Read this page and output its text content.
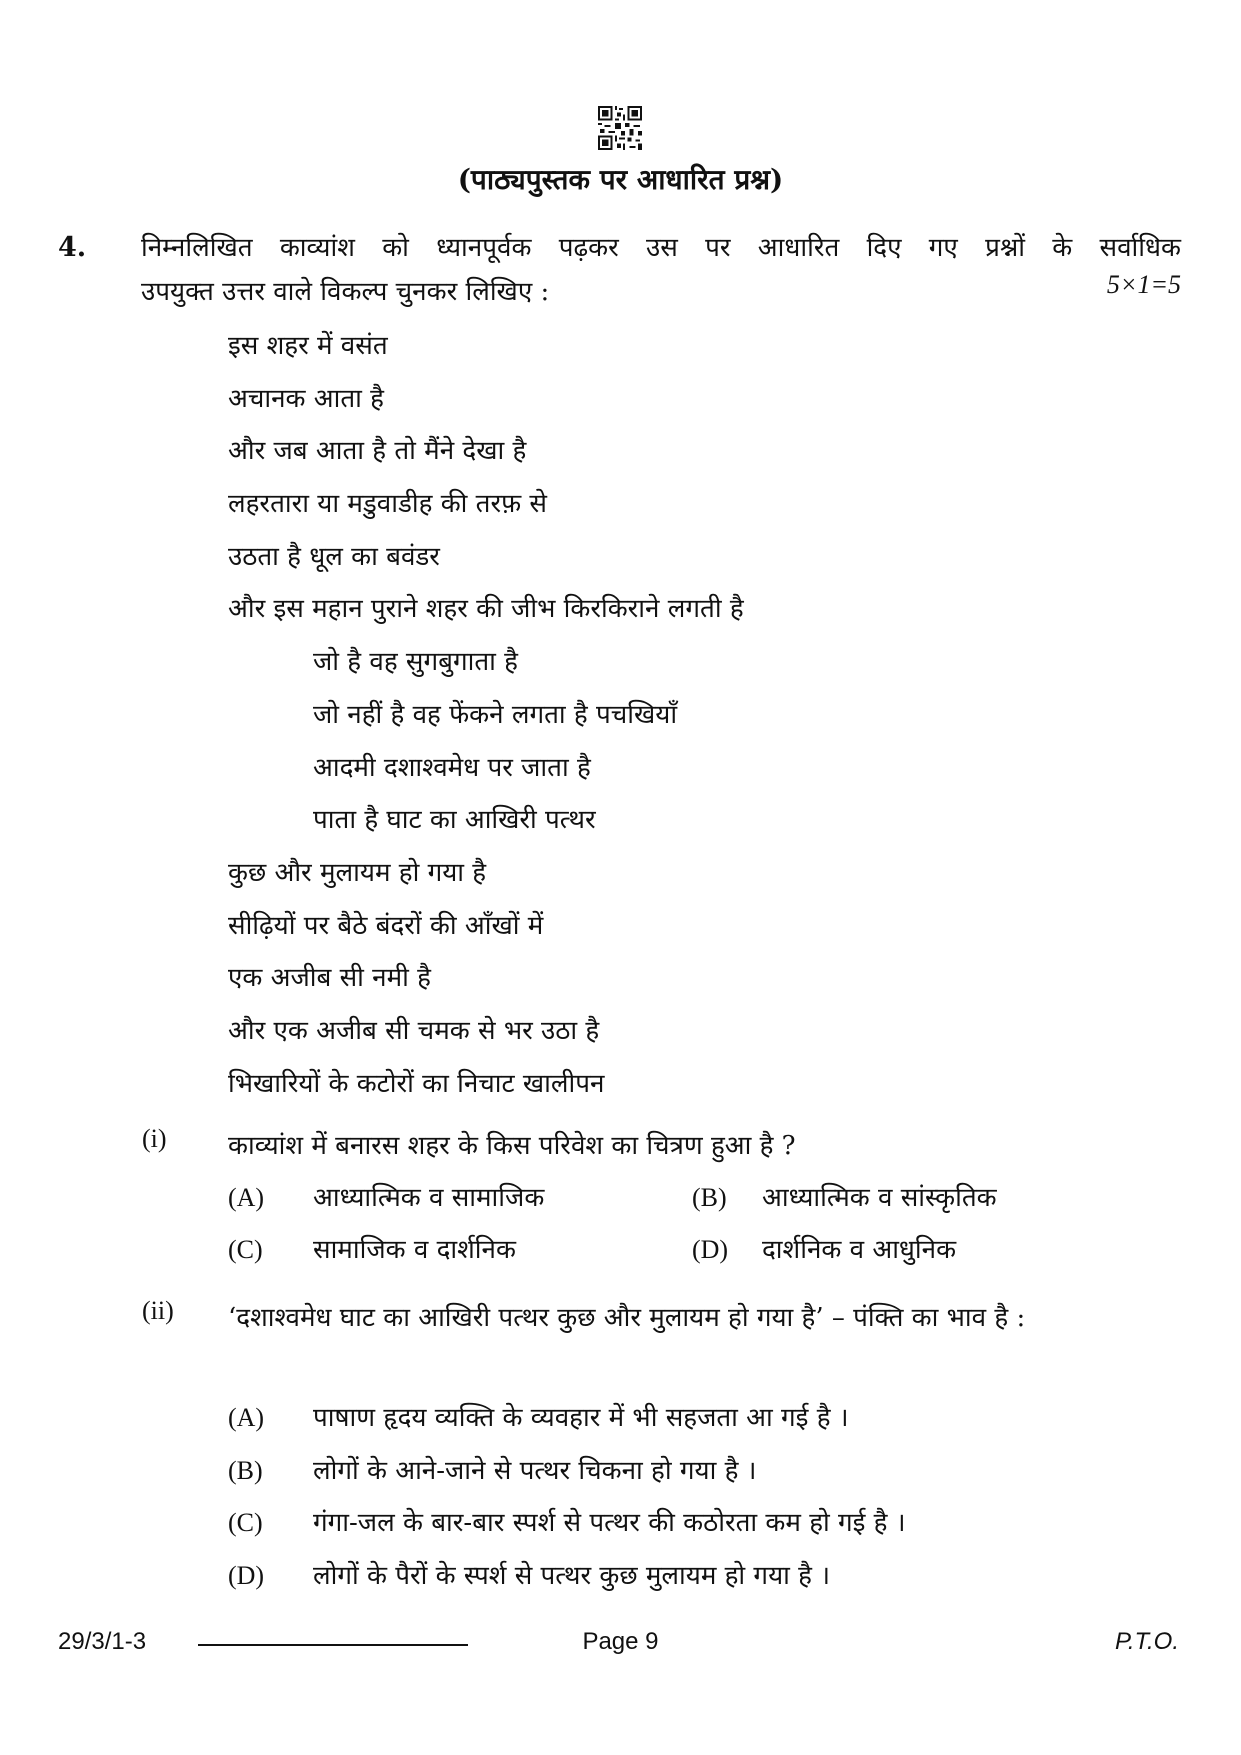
(पाठ्यपुस्तक पर आधारित प्रश्न)
4. निम्नलिखित काव्यांश को ध्यानपूर्वक पढ़कर उस पर आधारित दिए गए प्रश्नों के सर्वाधिक
उपयुक्त उत्तर वाले विकल्प चुनकर लिखिए :	5×1=5
इस शहर में वसंत
अचानक आता है
और जब आता है तो मैंने देखा है
लहरतारा या मडुवाडीह की तरफ़ से
उठता है धूल का बवंडर
और इस महान पुराने शहर की जीभ किरकिराने लगती है
जो है वह सुगबुगाता है
जो नहीं है वह फेंकने लगता है पचखियाँ
आदमी दशाश्वमेध पर जाता है
पाता है घाट का आखिरी पत्थर
कुछ और मुलायम हो गया है
सीढ़ियों पर बैठे बंदरों की आँखों में
एक अजीब सी नमी है
और एक अजीब सी चमक से भर उठा है
भिखारियों के कटोरों का निचाट खालीपन
(i) काव्यांश में बनारस शहर के किस परिवेश का चित्रण हुआ है ?
(A) आध्यात्मिक व सामाजिक	(B) आध्यात्मिक व सांस्कृतिक
(C) सामाजिक व दार्शनिक	(D) दार्शनिक व आधुनिक
(ii) ‘दशाश्वमेध घाट का आखिरी पत्थर कुछ और मुलायम हो गया है’ – पंक्ति का भाव है :
(A) पाषाण हृदय व्यक्ति के व्यवहार में भी सहजता आ गई है ।
(B) लोगों के आने-जाने से पत्थर चिकना हो गया है ।
(C) गंगा-जल के बार-बार स्पर्श से पत्थर की कठोरता कम हो गई है ।
(D) लोगों के पैरों के स्पर्श से पत्थर कुछ मुलायम हो गया है ।
29/3/1-3	Page 9	P.T.O.
